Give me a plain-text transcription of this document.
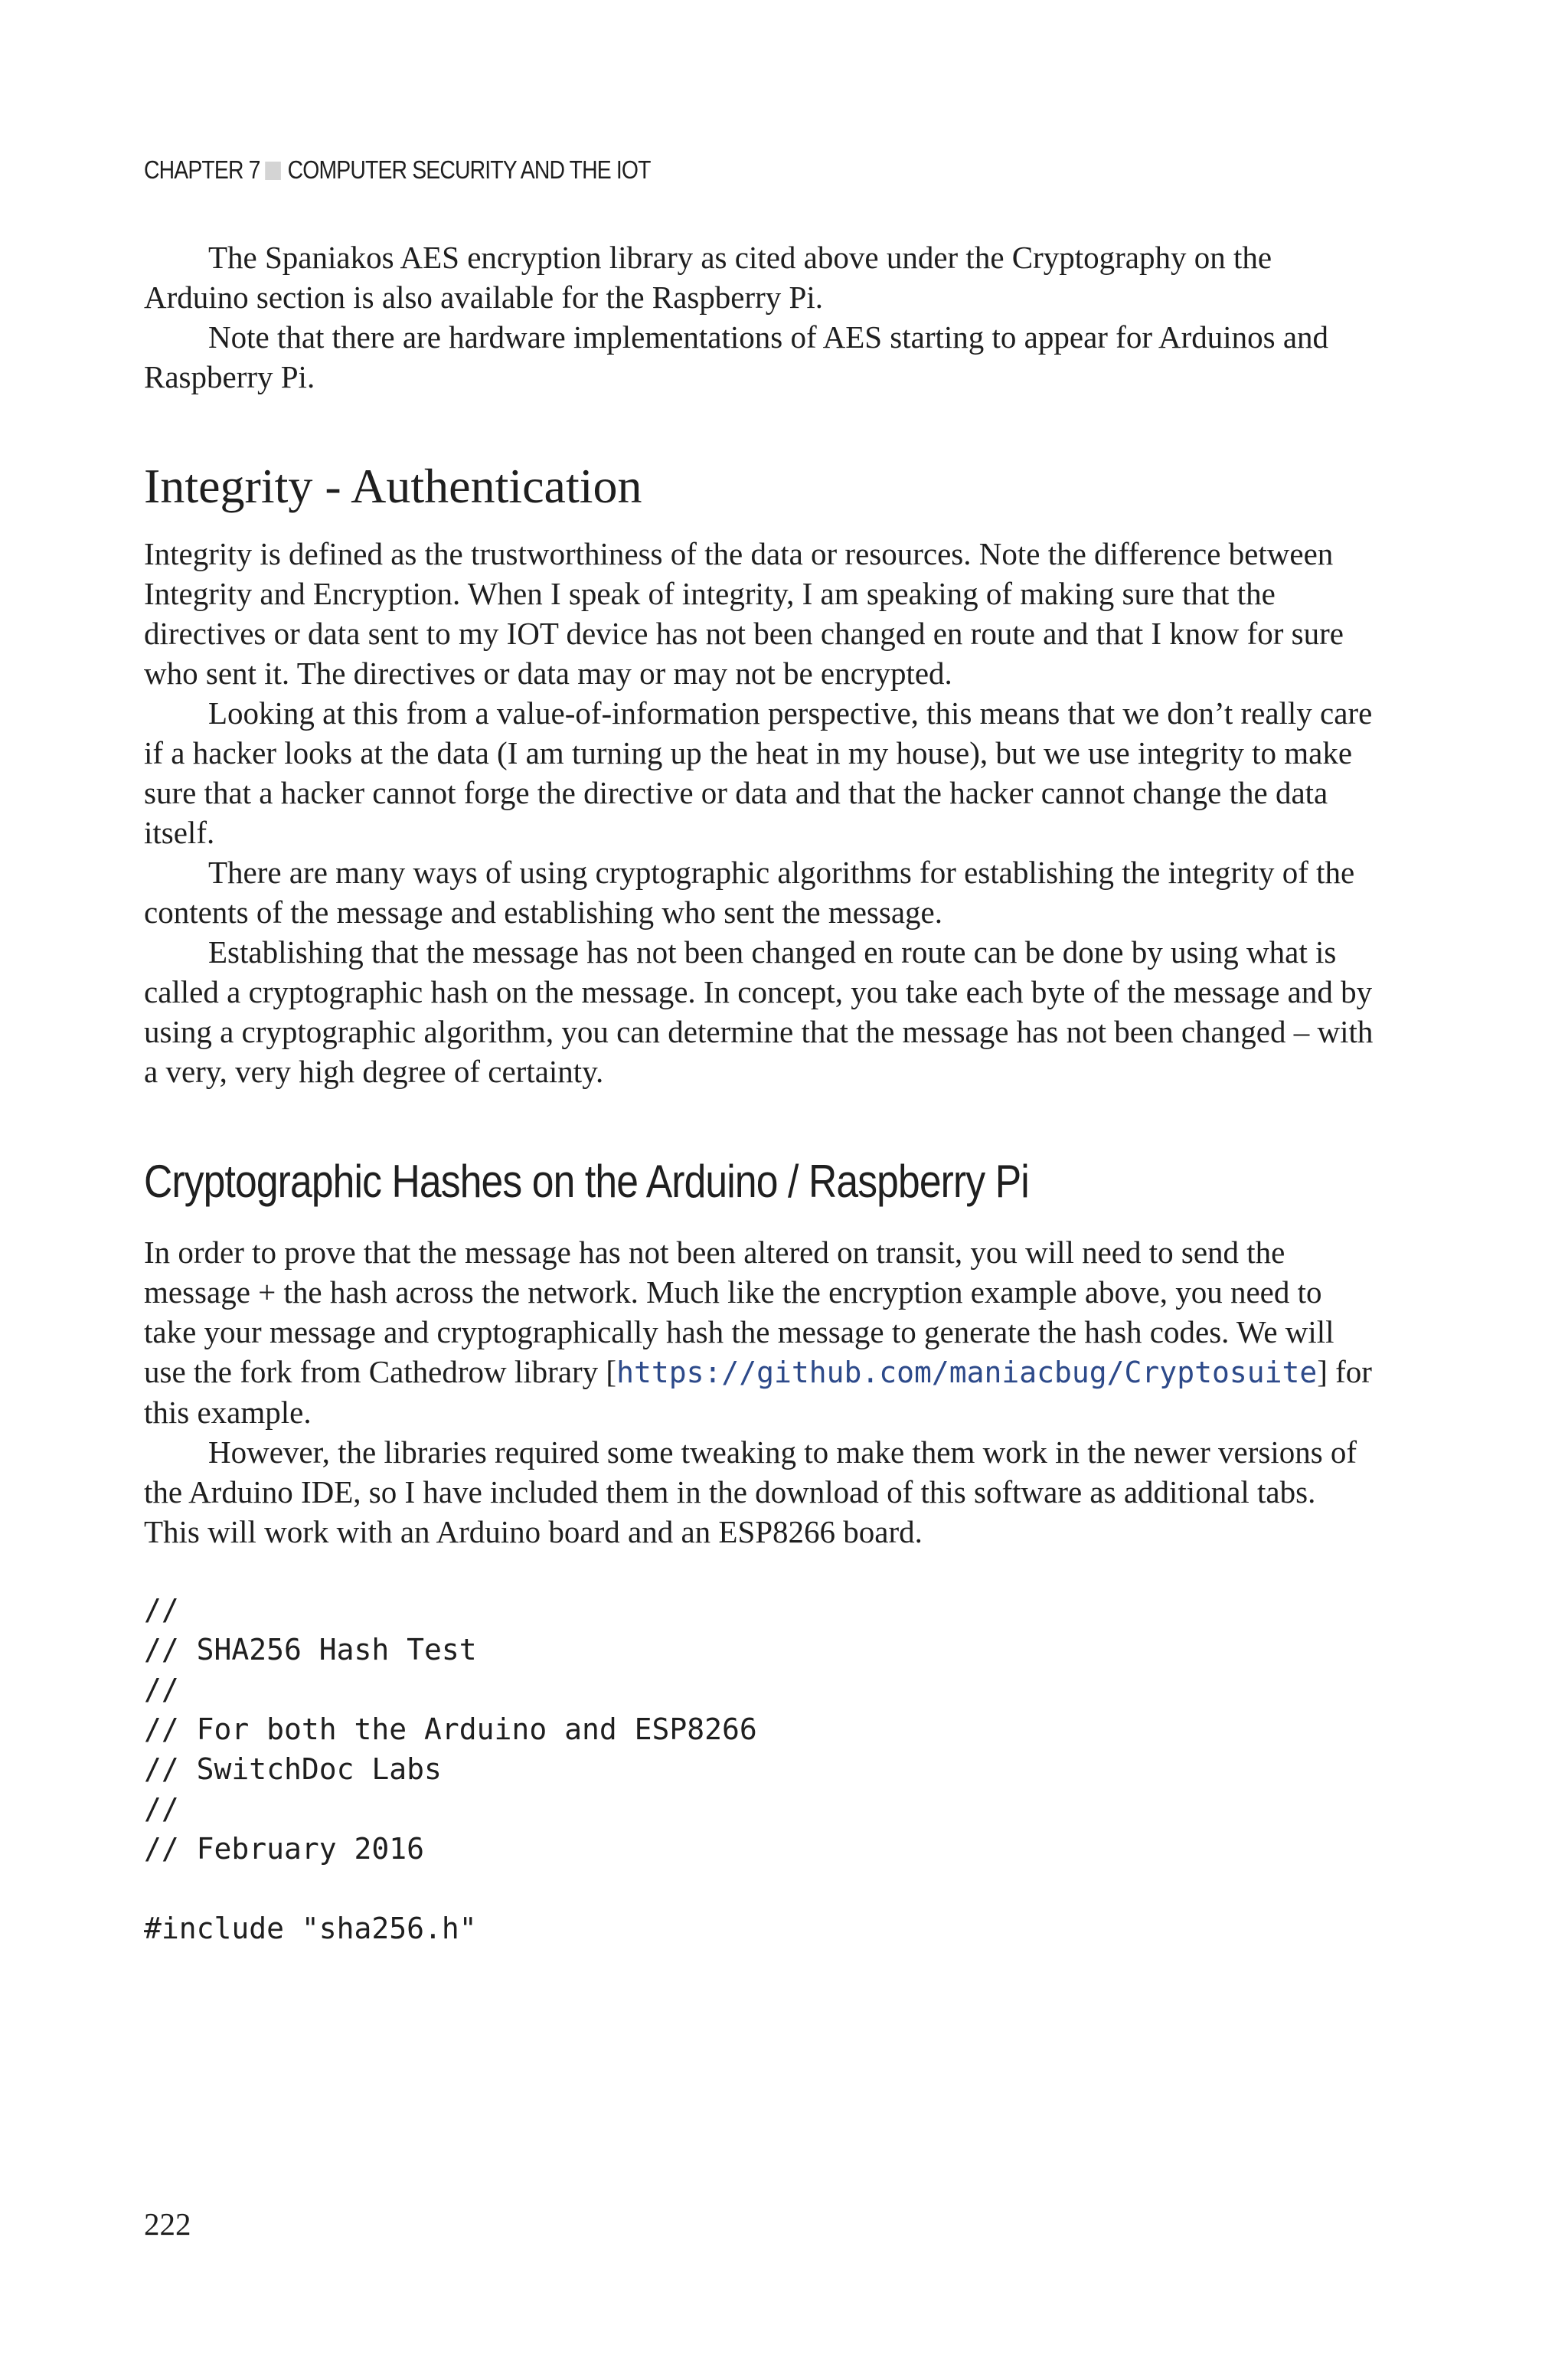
CHAPTER 7 COMPUTER SECURITY AND THE IOT

The Spaniakos AES encryption library as cited above under the Cryptography on the Arduino section is also available for the Raspberry Pi.

Note that there are hardware implementations of AES starting to appear for Arduinos and Raspberry Pi.

Integrity - Authentication

Integrity is defined as the trustworthiness of the data or resources. Note the difference between Integrity and Encryption. When I speak of integrity, I am speaking of making sure that the directives or data sent to my IOT device has not been changed en route and that I know for sure who sent it. The directives or data may or may not be encrypted.

Looking at this from a value-of-information perspective, this means that we don’t really care if a hacker looks at the data (I am turning up the heat in my house), but we use integrity to make sure that a hacker cannot forge the directive or data and that the hacker cannot change the data itself.

There are many ways of using cryptographic algorithms for establishing the integrity of the contents of the message and establishing who sent the message.

Establishing that the message has not been changed en route can be done by using what is called a cryptographic hash on the message. In concept, you take each byte of the message and by using a cryptographic algorithm, you can determine that the message has not been changed – with a very, very high degree of certainty.

Cryptographic Hashes on the Arduino / Raspberry Pi

In order to prove that the message has not been altered on transit, you will need to send the message + the hash across the network. Much like the encryption example above, you need to take your message and cryptographically hash the message to generate the hash codes. We will use the fork from Cathedrow library [https://github.com/maniacbug/Cryptosuite] for this example.

However, the libraries required some tweaking to make them work in the newer versions of the Arduino IDE, so I have included them in the download of this software as additional tabs. This will work with an Arduino board and an ESP8266 board.

//
// SHA256 Hash Test
//
// For both the Arduino and ESP8266
// SwitchDoc Labs
//
// February 2016

#include "sha256.h"
222
